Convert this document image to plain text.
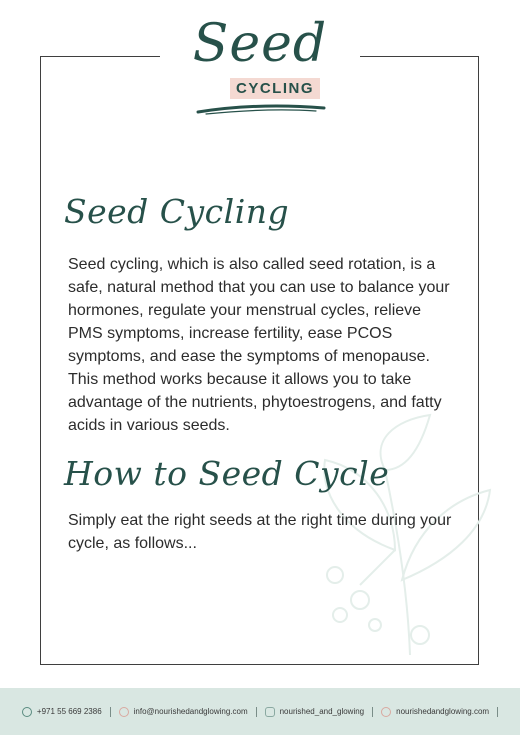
Seed
CYCLING
Seed Cycling

Seed cycling, which is also called seed rotation, is a safe, natural method that you can use to balance your hormones, regulate your menstrual cycles, relieve PMS symptoms, increase fertility, ease PCOS symptoms, and ease the symptoms of menopause. This method works because it allows you to take advantage of the nutrients, phytoestrogens, and fatty acids in various seeds.

How to Seed Cycle

Simply eat the right seeds at the right time during your cycle, as follows...

+971 55 669 2386	info@nourishedandglowing.com	nourished_and_glowing	nourishedandglowing.com
